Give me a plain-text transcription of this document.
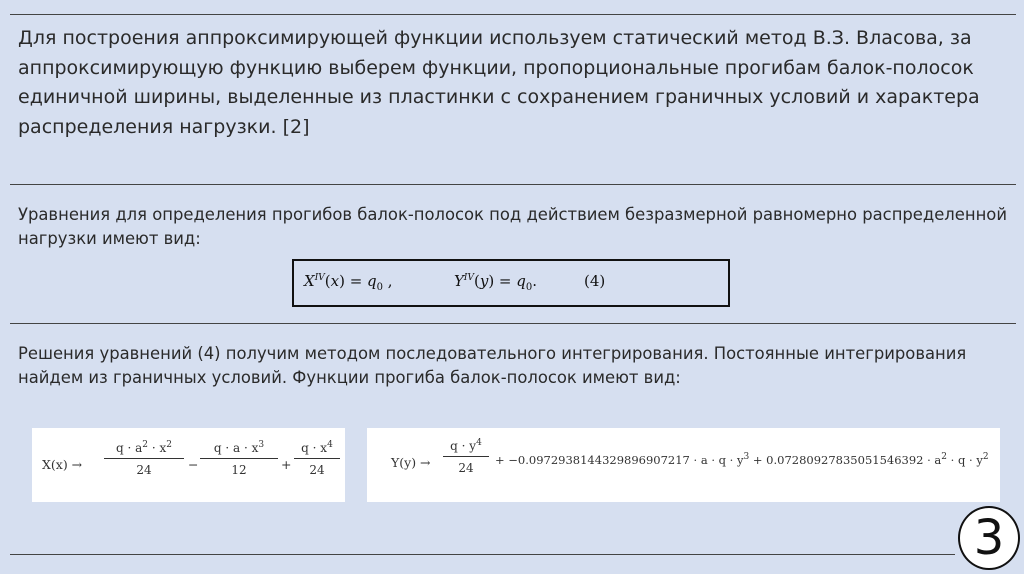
Для построения аппроксимирующей функции используем статический метод В.З. Власова, за аппроксимирующую функцию выберем функции, пропорциональные прогибам балок-полосок единичной ширины, выделенные из пластинки с сохранением граничных условий и характера распределения нагрузки. [2]

Уравнения для определения прогибов балок-полосок под действием безразмерной равномерно распределенной нагрузки имеют вид:

$X^{IV}(x) = q_0$ ,	$Y^{IV}(y) = q_0$.	(4)

Решения уравнений (4) получим методом последовательного интегрирования. Постоянные интегрирования найдем из граничных условий. Функции прогиба балок-полосок имеют вид:

X(x) →
$q \cdot a^2 \cdot x^2$
24	−
$q \cdot a \cdot x^3$
12	+
$q \cdot x^4$
24	Y(y) →
$q \cdot y^4$
24
+ $-0.0972938144329896907217 \cdot a \cdot q \cdot y^3$ + 0.0728092783505154639​2 · $a^2 \cdot q \cdot y^2$
3
